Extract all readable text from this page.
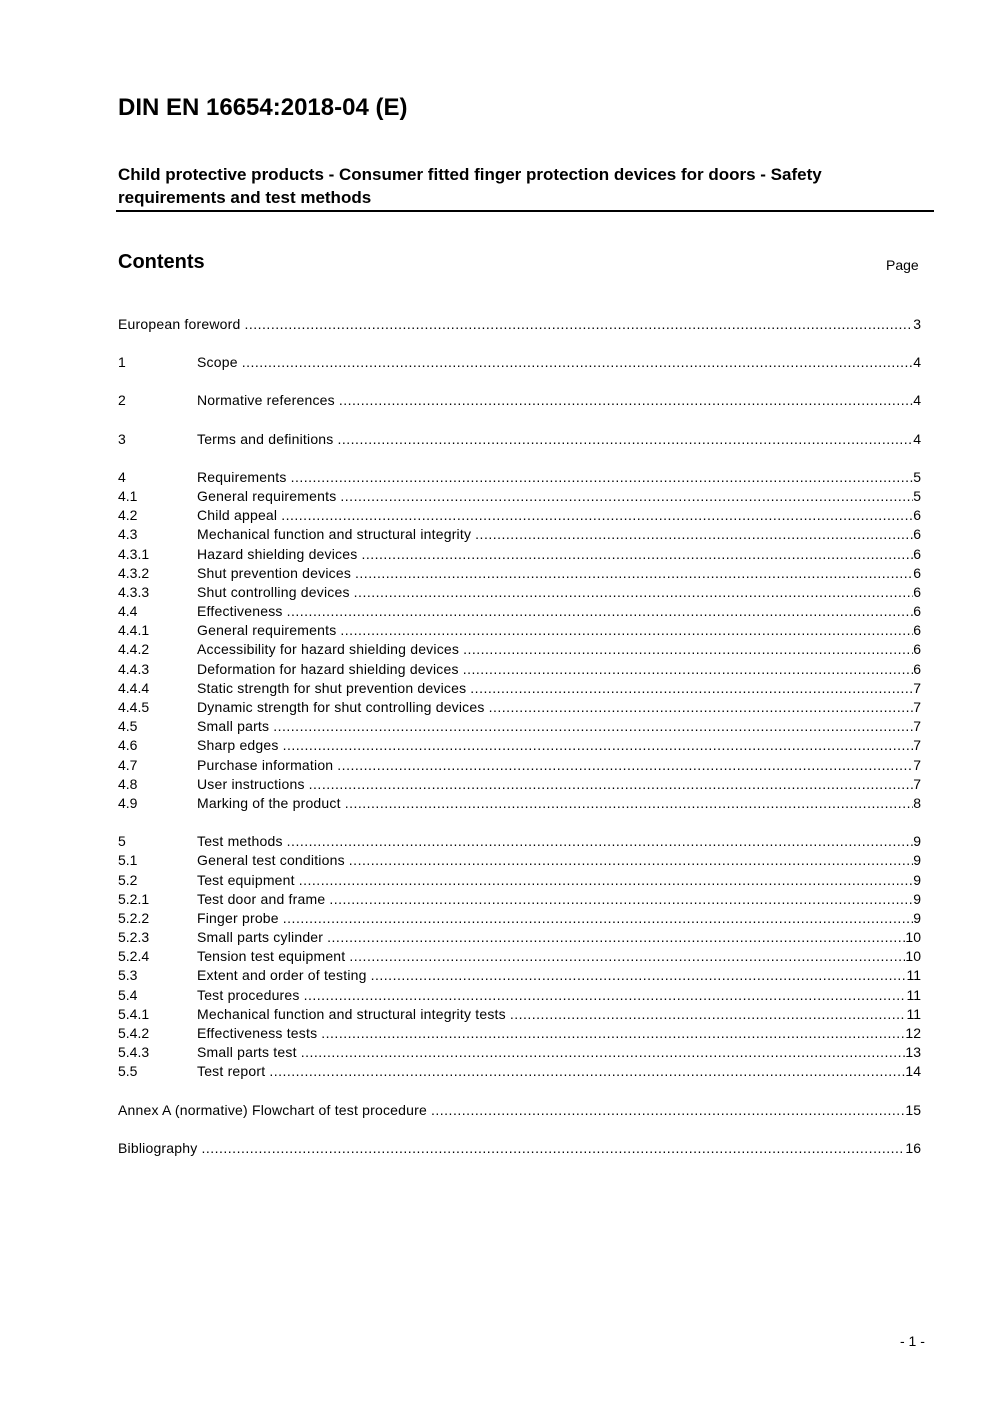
DIN EN 16654:2018-04 (E)
Child protective products - Consumer fitted finger protection devices for doors - Safety requirements and test methods
Contents	Page
European foreword .....	3
1	Scope .....	4
2	Normative references .....	4
3	Terms and definitions .....	4
4	Requirements .....	5
4.1	General requirements .....	5
4.2	Child appeal .....	6
4.3	Mechanical function and structural integrity .....	6
4.3.1	Hazard shielding devices .....	6
4.3.2	Shut prevention devices .....	6
4.3.3	Shut controlling devices .....	6
4.4	Effectiveness .....	6
4.4.1	General requirements .....	6
4.4.2	Accessibility for hazard shielding devices .....	6
4.4.3	Deformation for hazard shielding devices .....	6
4.4.4	Static strength for shut prevention devices .....	7
4.4.5	Dynamic strength for shut controlling devices .....	7
4.5	Small parts .....	7
4.6	Sharp edges .....	7
4.7	Purchase information .....	7
4.8	User instructions .....	7
4.9	Marking of the product .....	8
5	Test methods .....	9
5.1	General test conditions .....	9
5.2	Test equipment .....	9
5.2.1	Test door and frame .....	9
5.2.2	Finger probe .....	9
5.2.3	Small parts cylinder .....	10
5.2.4	Tension test equipment .....	10
5.3	Extent and order of testing .....	11
5.4	Test procedures .....	11
5.4.1	Mechanical function and structural integrity tests .....	11
5.4.2	Effectiveness tests .....	12
5.4.3	Small parts test .....	13
5.5	Test report .....	14
Annex A (normative) Flowchart of test procedure .....	15
Bibliography .....	16
- 1 -
